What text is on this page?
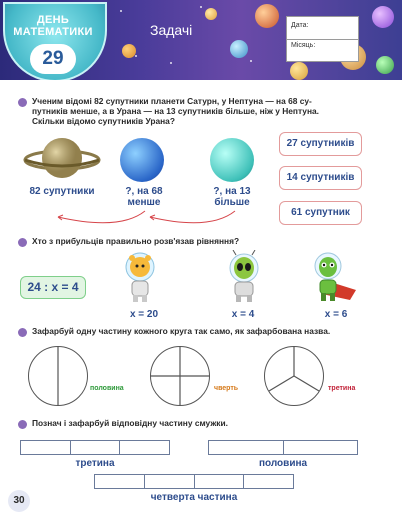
ДЕНЬ
МАТЕМАТИКИ
29
Задачі	Дата:
Місяць:
Ученим відомі 82 супутники планети Сатурн, у Нептуна — на 68 су-
путників менше, а в Урана — на 13 супутників більше, ніж у Нептуна.
Скільки відомо супутників Урана?
82 супутники	?, на 68
менше
?, на 13
більше
27 супутників
14 супутників
61 супутник
Хто з прибульців правильно розв'язав рівняння?
24 : x = 4
x = 20	x = 4	x = 6
Зафарбуй одну частину кожного круга так само, як зафарбована назва.
половина	чверть	третина
Познач і зафарбуй відповідну частину смужки.
третина	половина
четверта частина
30
